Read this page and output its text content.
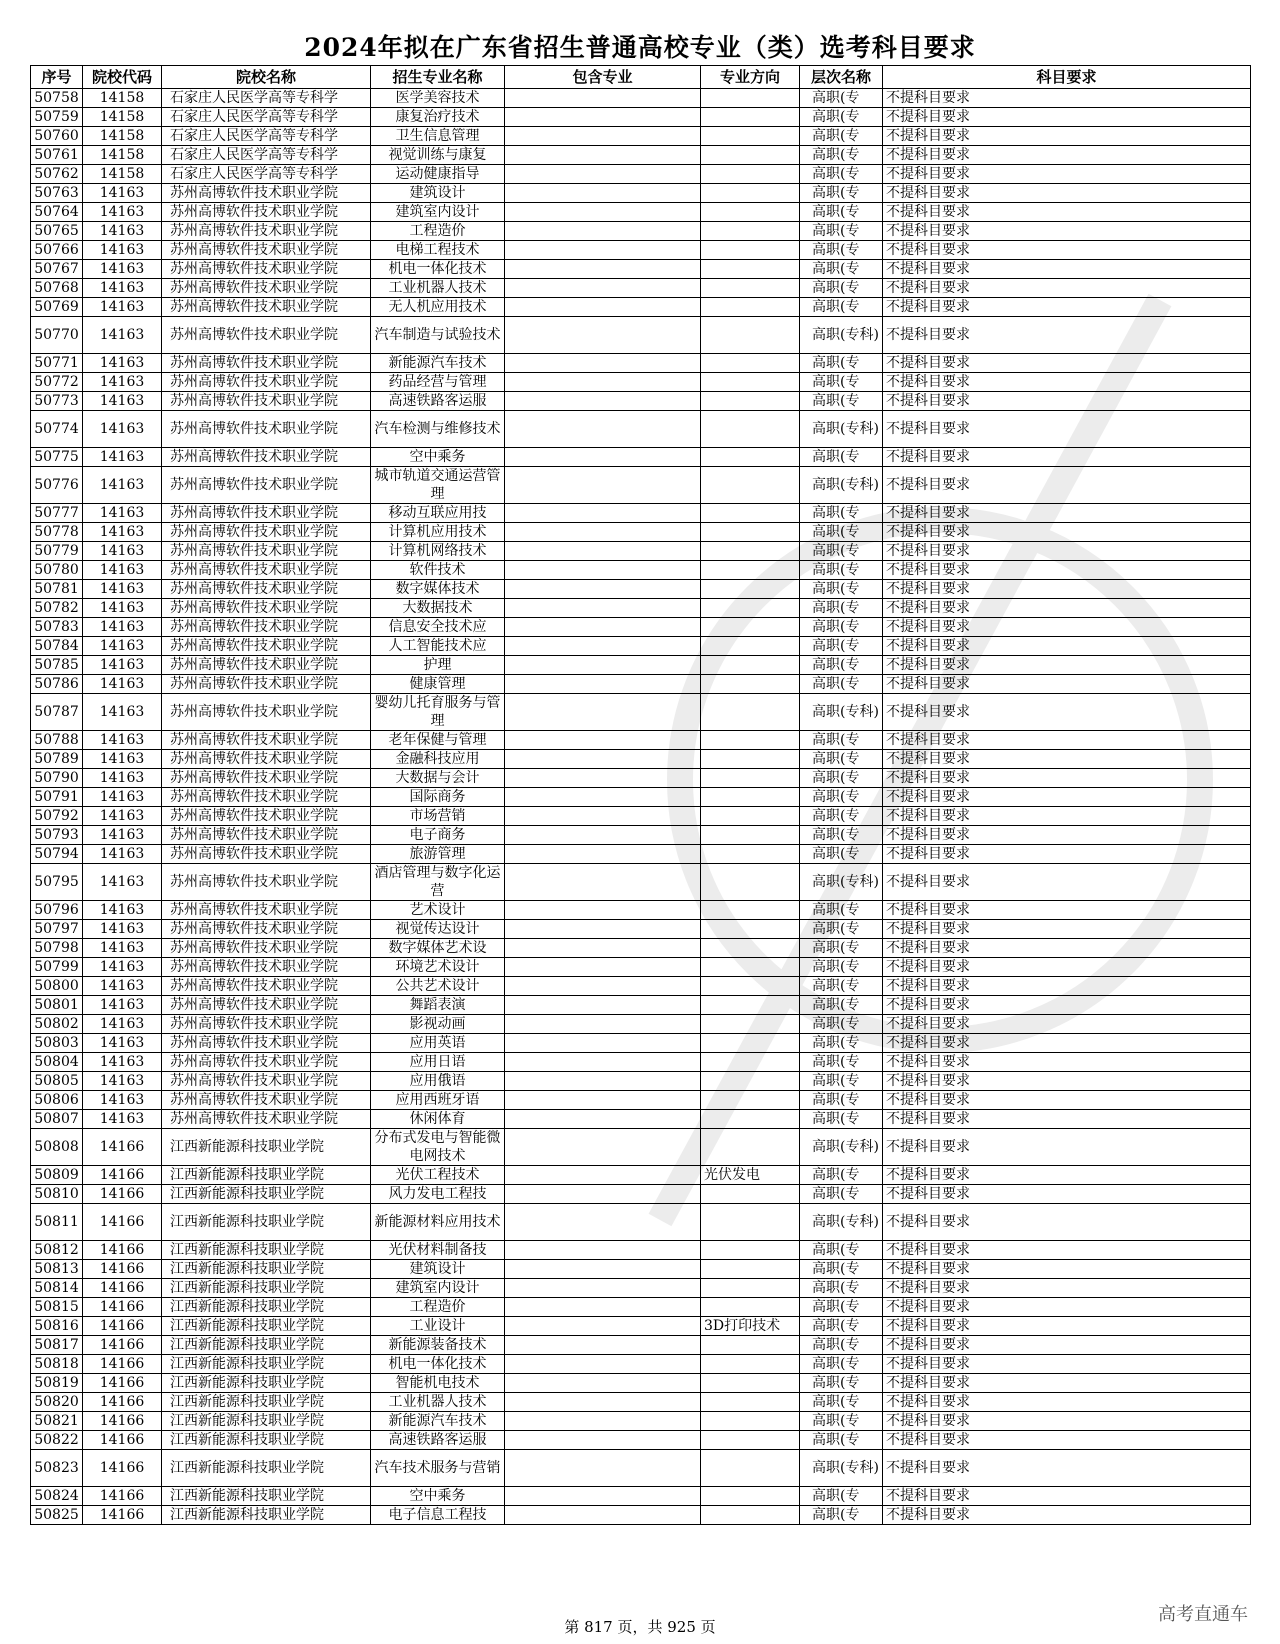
2024年拟在广东省招生普通高校专业（类）选考科目要求
序号	院校代码	院校名称	招生专业名称	包含专业	专业方向	层次名称	科目要求
50758	14158	石家庄人民医学高等专科学	医学美容技术			高职(专	不提科目要求
50759	14158	石家庄人民医学高等专科学	康复治疗技术			高职(专	不提科目要求
50760	14158	石家庄人民医学高等专科学	卫生信息管理			高职(专	不提科目要求
50761	14158	石家庄人民医学高等专科学	视觉训练与康复			高职(专	不提科目要求
50762	14158	石家庄人民医学高等专科学	运动健康指导			高职(专	不提科目要求
50763	14163	苏州高博软件技术职业学院	建筑设计			高职(专	不提科目要求
50764	14163	苏州高博软件技术职业学院	建筑室内设计			高职(专	不提科目要求
50765	14163	苏州高博软件技术职业学院	工程造价			高职(专	不提科目要求
50766	14163	苏州高博软件技术职业学院	电梯工程技术			高职(专	不提科目要求
50767	14163	苏州高博软件技术职业学院	机电一体化技术			高职(专	不提科目要求
50768	14163	苏州高博软件技术职业学院	工业机器人技术			高职(专	不提科目要求
50769	14163	苏州高博软件技术职业学院	无人机应用技术			高职(专	不提科目要求
50770	14163	苏州高博软件技术职业学院	汽车制造与试验技术			高职(专科)	不提科目要求
50771	14163	苏州高博软件技术职业学院	新能源汽车技术			高职(专	不提科目要求
50772	14163	苏州高博软件技术职业学院	药品经营与管理			高职(专	不提科目要求
50773	14163	苏州高博软件技术职业学院	高速铁路客运服			高职(专	不提科目要求
50774	14163	苏州高博软件技术职业学院	汽车检测与维修技术			高职(专科)	不提科目要求
50775	14163	苏州高博软件技术职业学院	空中乘务			高职(专	不提科目要求
50776	14163	苏州高博软件技术职业学院	城市轨道交通运营管理			高职(专科)	不提科目要求
50777	14163	苏州高博软件技术职业学院	移动互联应用技			高职(专	不提科目要求
50778	14163	苏州高博软件技术职业学院	计算机应用技术			高职(专	不提科目要求
50779	14163	苏州高博软件技术职业学院	计算机网络技术			高职(专	不提科目要求
50780	14163	苏州高博软件技术职业学院	软件技术			高职(专	不提科目要求
50781	14163	苏州高博软件技术职业学院	数字媒体技术			高职(专	不提科目要求
50782	14163	苏州高博软件技术职业学院	大数据技术			高职(专	不提科目要求
50783	14163	苏州高博软件技术职业学院	信息安全技术应			高职(专	不提科目要求
50784	14163	苏州高博软件技术职业学院	人工智能技术应			高职(专	不提科目要求
50785	14163	苏州高博软件技术职业学院	护理			高职(专	不提科目要求
50786	14163	苏州高博软件技术职业学院	健康管理			高职(专	不提科目要求
50787	14163	苏州高博软件技术职业学院	婴幼儿托育服务与管理			高职(专科)	不提科目要求
50788	14163	苏州高博软件技术职业学院	老年保健与管理			高职(专	不提科目要求
50789	14163	苏州高博软件技术职业学院	金融科技应用			高职(专	不提科目要求
50790	14163	苏州高博软件技术职业学院	大数据与会计			高职(专	不提科目要求
50791	14163	苏州高博软件技术职业学院	国际商务			高职(专	不提科目要求
50792	14163	苏州高博软件技术职业学院	市场营销			高职(专	不提科目要求
50793	14163	苏州高博软件技术职业学院	电子商务			高职(专	不提科目要求
50794	14163	苏州高博软件技术职业学院	旅游管理			高职(专	不提科目要求
50795	14163	苏州高博软件技术职业学院	酒店管理与数字化运营			高职(专科)	不提科目要求
50796	14163	苏州高博软件技术职业学院	艺术设计			高职(专	不提科目要求
50797	14163	苏州高博软件技术职业学院	视觉传达设计			高职(专	不提科目要求
50798	14163	苏州高博软件技术职业学院	数字媒体艺术设			高职(专	不提科目要求
50799	14163	苏州高博软件技术职业学院	环境艺术设计			高职(专	不提科目要求
50800	14163	苏州高博软件技术职业学院	公共艺术设计			高职(专	不提科目要求
50801	14163	苏州高博软件技术职业学院	舞蹈表演			高职(专	不提科目要求
50802	14163	苏州高博软件技术职业学院	影视动画			高职(专	不提科目要求
50803	14163	苏州高博软件技术职业学院	应用英语			高职(专	不提科目要求
50804	14163	苏州高博软件技术职业学院	应用日语			高职(专	不提科目要求
50805	14163	苏州高博软件技术职业学院	应用俄语			高职(专	不提科目要求
50806	14163	苏州高博软件技术职业学院	应用西班牙语			高职(专	不提科目要求
50807	14163	苏州高博软件技术职业学院	休闲体育			高职(专	不提科目要求
50808	14166	江西新能源科技职业学院	分布式发电与智能微电网技术			高职(专科)	不提科目要求
50809	14166	江西新能源科技职业学院	光伏工程技术		光伏发电	高职(专	不提科目要求
50810	14166	江西新能源科技职业学院	风力发电工程技			高职(专	不提科目要求
50811	14166	江西新能源科技职业学院	新能源材料应用技术			高职(专科)	不提科目要求
50812	14166	江西新能源科技职业学院	光伏材料制备技			高职(专	不提科目要求
50813	14166	江西新能源科技职业学院	建筑设计			高职(专	不提科目要求
50814	14166	江西新能源科技职业学院	建筑室内设计			高职(专	不提科目要求
50815	14166	江西新能源科技职业学院	工程造价			高职(专	不提科目要求
50816	14166	江西新能源科技职业学院	工业设计		3D打印技术	高职(专	不提科目要求
50817	14166	江西新能源科技职业学院	新能源装备技术			高职(专	不提科目要求
50818	14166	江西新能源科技职业学院	机电一体化技术			高职(专	不提科目要求
50819	14166	江西新能源科技职业学院	智能机电技术			高职(专	不提科目要求
50820	14166	江西新能源科技职业学院	工业机器人技术			高职(专	不提科目要求
50821	14166	江西新能源科技职业学院	新能源汽车技术			高职(专	不提科目要求
50822	14166	江西新能源科技职业学院	高速铁路客运服			高职(专	不提科目要求
50823	14166	江西新能源科技职业学院	汽车技术服务与营销			高职(专科)	不提科目要求
50824	14166	江西新能源科技职业学院	空中乘务			高职(专	不提科目要求
50825	14166	江西新能源科技职业学院	电子信息工程技			高职(专	不提科目要求
第 817 页，共 925 页
高考直通车
